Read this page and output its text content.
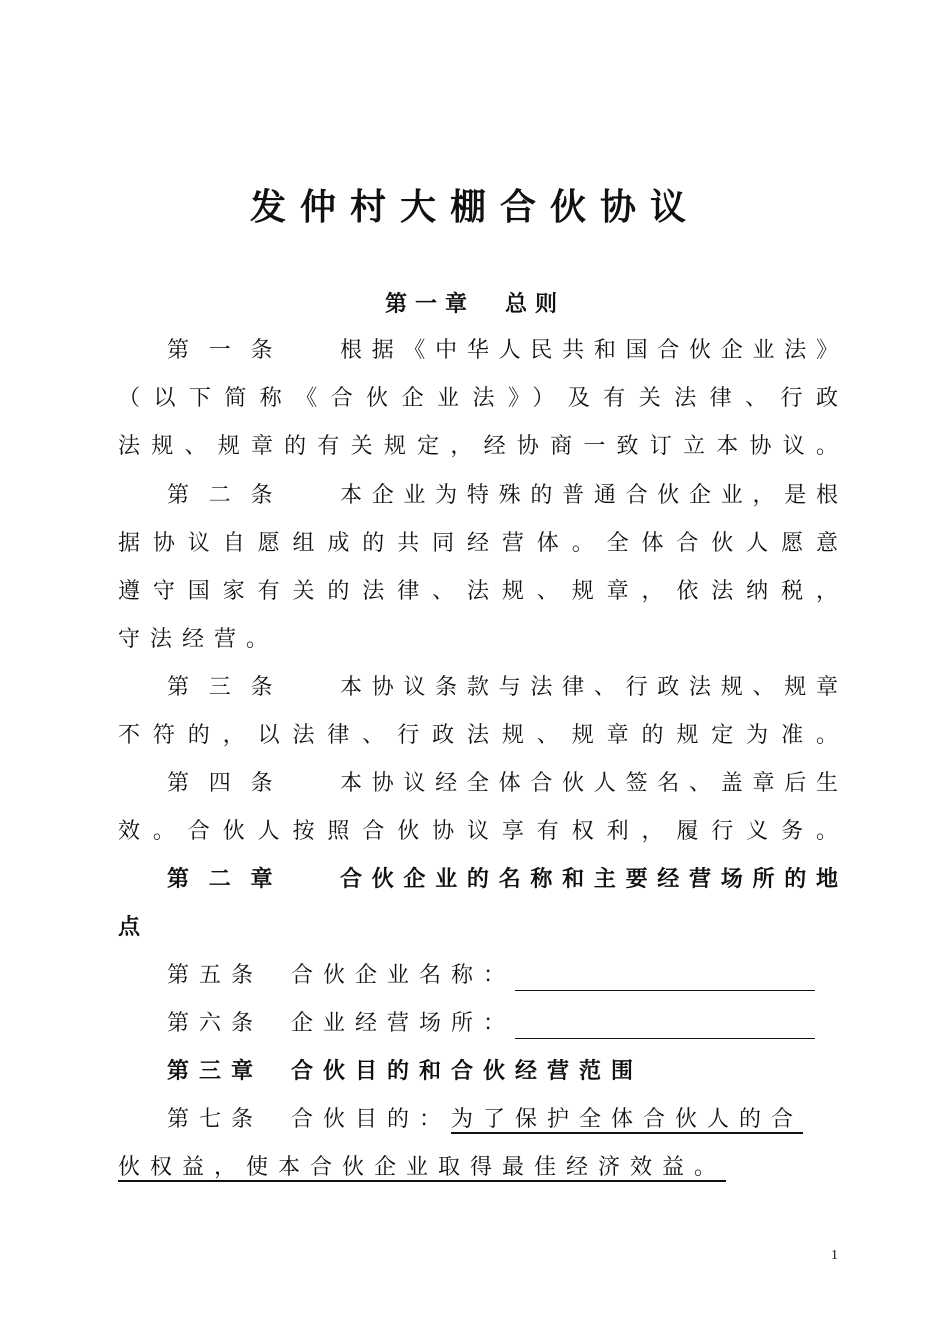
发仲村大棚合伙协议
第一章　总则
第一条 根据《中华人民共和国合伙企业法》
（以下简称《合伙企业法》）及有关法律、行政
法规、规章的有关规定，经协商一致订立本协议。
第二条 本企业为特殊的普通合伙企业，是根
据协议自愿组成的共同经营体。全体合伙人愿意
遵守国家有关的法律、法规、规章，依法纳税，
守法经营。
第三条 本协议条款与法律、行政法规、规章
不符的，以法律、行政法规、规章的规定为准。
第四条 本协议经全体合伙人签名、盖章后生
效。合伙人按照合伙协议享有权利，履行义务。
第二章 合伙企业的名称和主要经营场所的地
点
第五条 合伙企业名称：
第六条 企业经营场所：
第三章 合伙目的和合伙经营范围
第七条 合伙目的：为了保护全体合伙人的合
伙权益，使本合伙企业取得最佳经济效益。
1
